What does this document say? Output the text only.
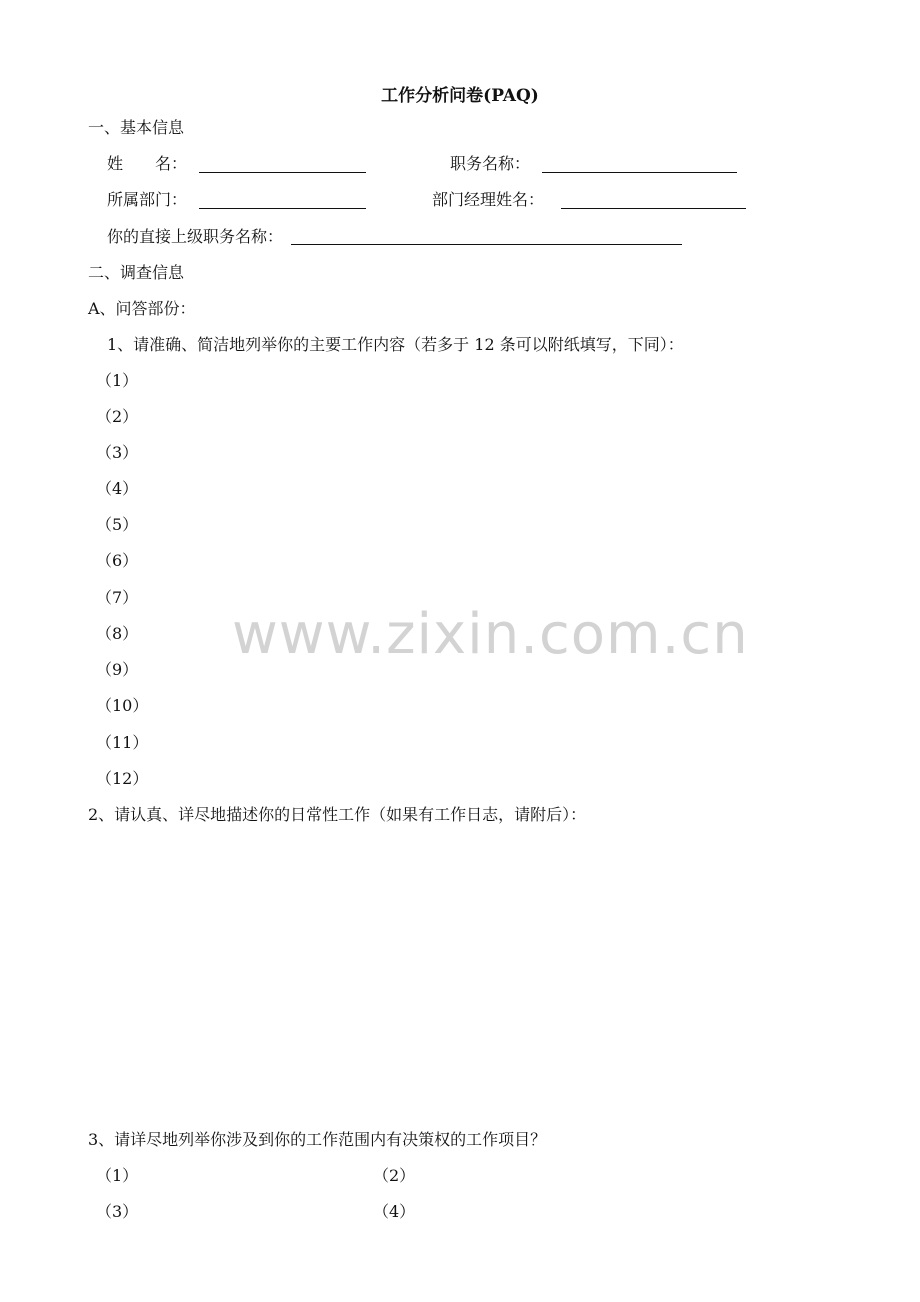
工作分析问卷(PAQ)
一、基本信息
姓　　名：	职务名称：
所属部门：	部门经理姓名：
你的直接上级职务名称：
二、调查信息
A、问答部份：
1、请准确、简洁地列举你的主要工作内容（若多于 12 条可以附纸填写，下同）：
（1）
（2）
（3）
（4）
（5）
（6）
（7）
（8）
（9）
（10）
（11）
（12）
2、请认真、详尽地描述你的日常性工作（如果有工作日志，请附后）：
3、请详尽地列举你涉及到你的工作范围内有决策权的工作项目？
（1）	（2）
（3）	（4）
www.zixin.com.cn
